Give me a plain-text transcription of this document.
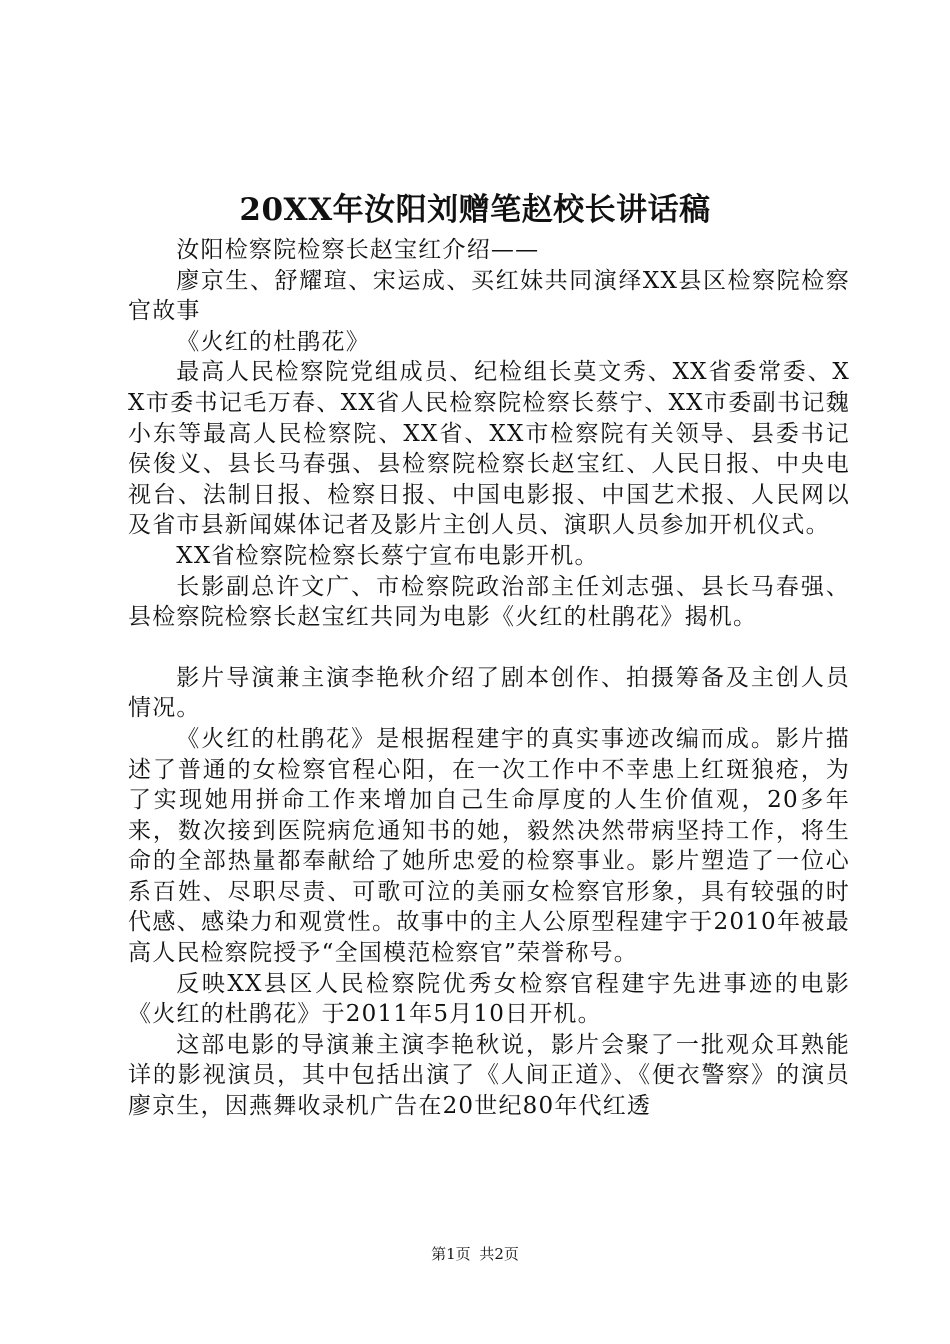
20XX年汝阳刘赠笔赵校长讲话稿

汝阳检察院检察长赵宝红介绍——

廖京生、舒耀瑄、宋运成、买红妹共同演绎XX县区检察院检察官故事

《火红的杜鹃花》

最高人民检察院党组成员、纪检组长莫文秀、XX省委常委、XX市委书记毛万春、XX省人民检察院检察长蔡宁、XX市委副书记魏小东等最高人民检察院、XX省、XX市检察院有关领导、县委书记侯俊义、县长马春强、县检察院检察长赵宝红、人民日报、中央电视台、法制日报、检察日报、中国电影报、中国艺术报、人民网以及省市县新闻媒体记者及影片主创人员、演职人员参加开机仪式。

XX省检察院检察长蔡宁宣布电影开机。

长影副总许文广、市检察院政治部主任刘志强、县长马春强、县检察院检察长赵宝红共同为电影《火红的杜鹃花》揭机。

影片导演兼主演李艳秋介绍了剧本创作、拍摄筹备及主创人员情况。

《火红的杜鹃花》是根据程建宇的真实事迹改编而成。影片描述了普通的女检察官程心阳，在一次工作中不幸患上红斑狼疮，为了实现她用拼命工作来增加自己生命厚度的人生价值观，20多年来，数次接到医院病危通知书的她，毅然决然带病坚持工作，将生命的全部热量都奉献给了她所忠爱的检察事业。影片塑造了一位心系百姓、尽职尽责、可歌可泣的美丽女检察官形象，具有较强的时代感、感染力和观赏性。故事中的主人公原型程建宇于2010年被最高人民检察院授予“全国模范检察官”荣誉称号。

反映XX县区人民检察院优秀女检察官程建宇先进事迹的电影《火红的杜鹃花》于2011年5月10日开机。

这部电影的导演兼主演李艳秋说，影片会聚了一批观众耳熟能详的影视演员，其中包括出演了《人间正道》、《便衣警察》的演员廖京生，因燕舞收录机广告在20世纪80年代红透

第1页 共2页
